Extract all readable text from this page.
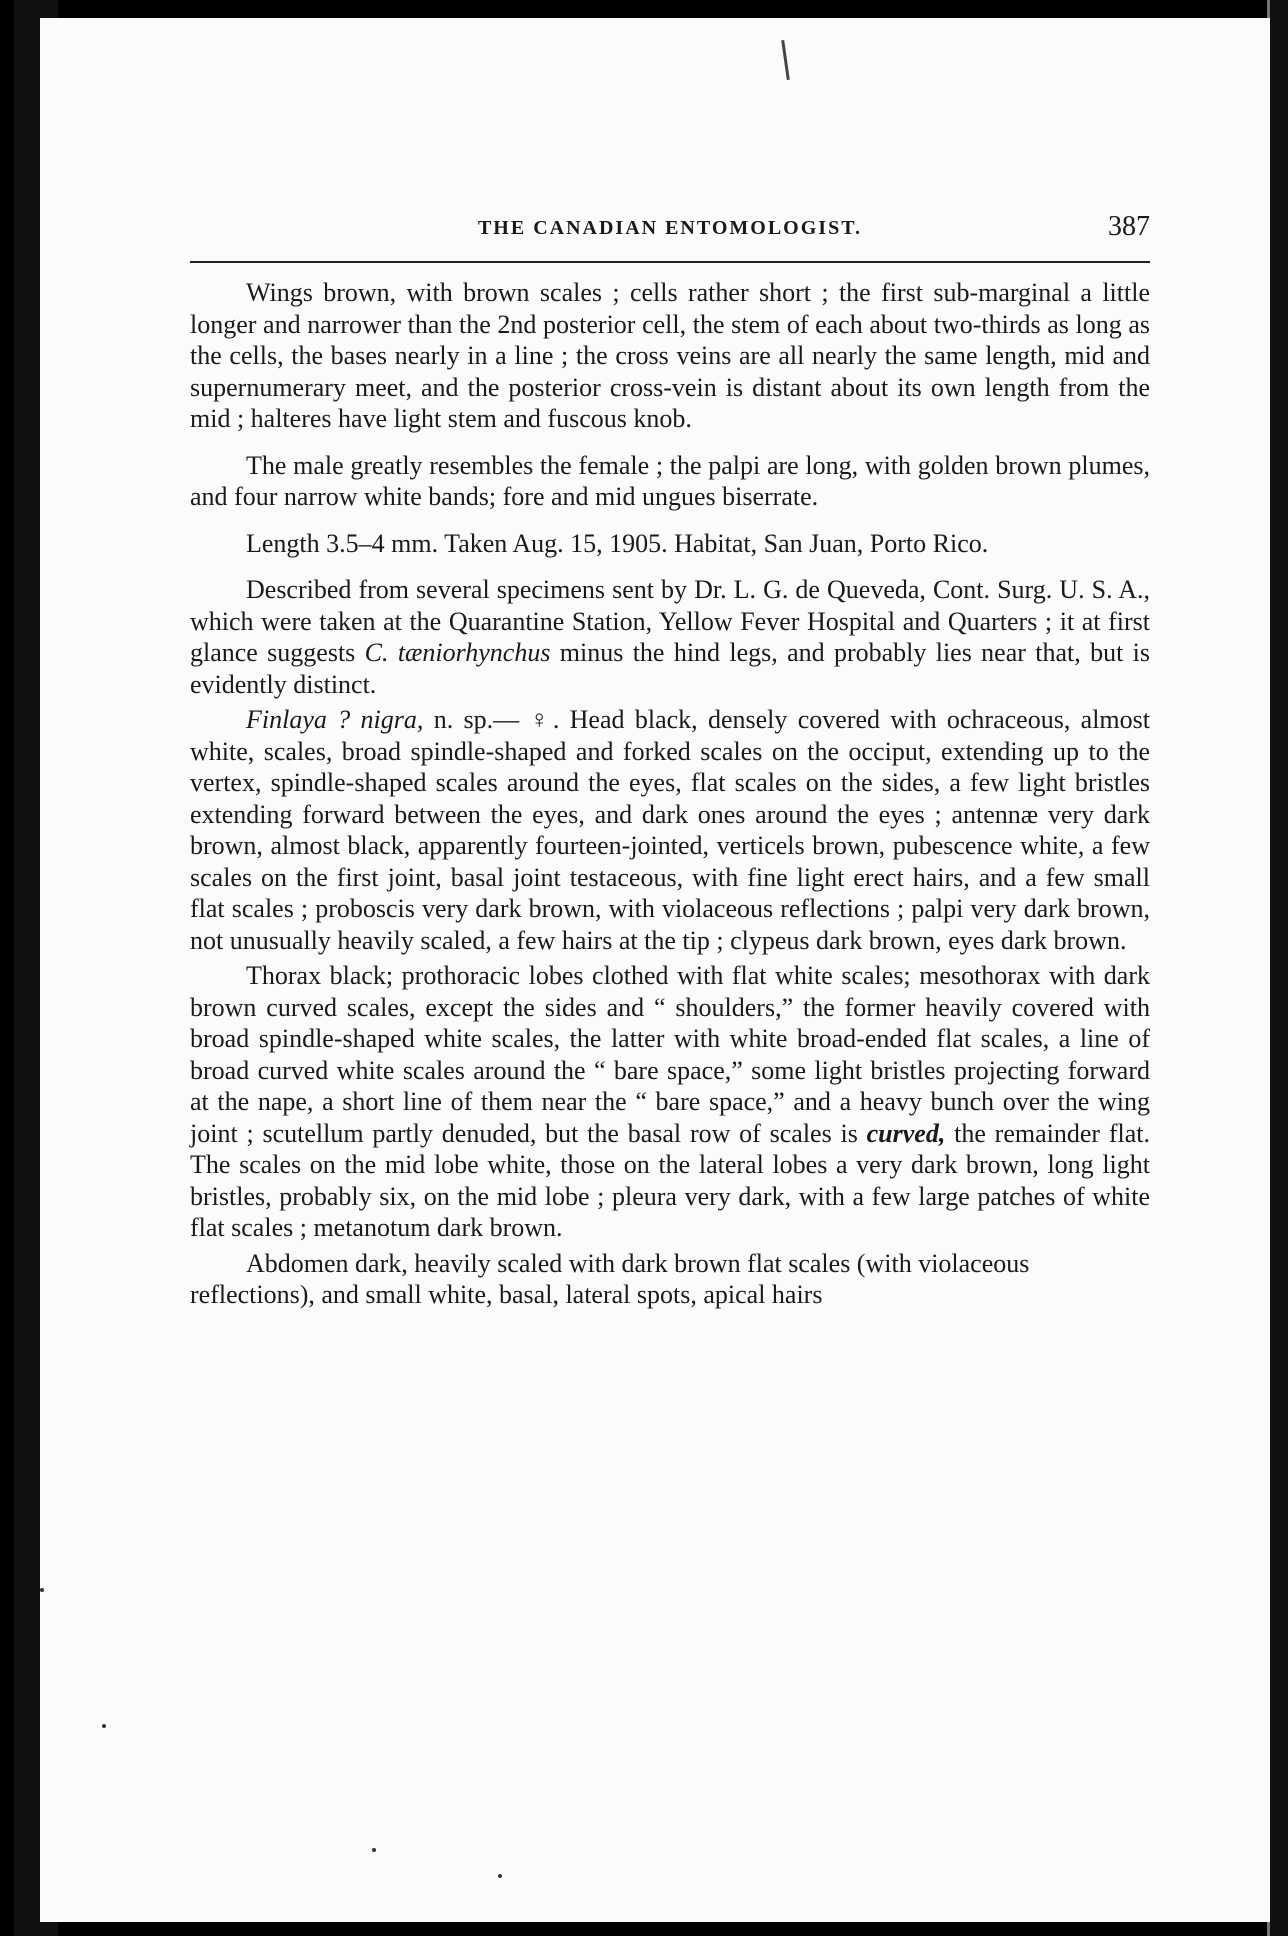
THE CANADIAN ENTOMOLOGIST.	387

Wings brown, with brown scales ; cells rather short ; the first sub-marginal a little longer and narrower than the 2nd posterior cell, the stem of each about two-thirds as long as the cells, the bases nearly in a line ; the cross veins are all nearly the same length, mid and supernumerary meet, and the posterior cross-vein is distant about its own length from the mid ; halteres have light stem and fuscous knob.

The male greatly resembles the female ; the palpi are long, with golden brown plumes, and four narrow white bands; fore and mid ungues biserrate.

Length 3.5–4 mm. Taken Aug. 15, 1905. Habitat, San Juan, Porto Rico.

Described from several specimens sent by Dr. L. G. de Queveda, Cont. Surg. U. S. A., which were taken at the Quarantine Station, Yellow Fever Hospital and Quarters ; it at first glance suggests C. tæniorhynchus minus the hind legs, and probably lies near that, but is evidently distinct.

Finlaya ? nigra, n. sp.— ♀. Head black, densely covered with ochraceous, almost white, scales, broad spindle-shaped and forked scales on the occiput, extending up to the vertex, spindle-shaped scales around the eyes, flat scales on the sides, a few light bristles extending forward between the eyes, and dark ones around the eyes ; antennæ very dark brown, almost black, apparently fourteen-jointed, verticels brown, pubescence white, a few scales on the first joint, basal joint testaceous, with fine light erect hairs, and a few small flat scales ; proboscis very dark brown, with violaceous reflections ; palpi very dark brown, not unusually heavily scaled, a few hairs at the tip ; clypeus dark brown, eyes dark brown.

Thorax black; prothoracic lobes clothed with flat white scales; mesothorax with dark brown curved scales, except the sides and “ shoulders,” the former heavily covered with broad spindle-shaped white scales, the latter with white broad-ended flat scales, a line of broad curved white scales around the “ bare space,” some light bristles projecting forward at the nape, a short line of them near the “ bare space,” and a heavy bunch over the wing joint ; scutellum partly denuded, but the basal row of scales is curved, the remainder flat. The scales on the mid lobe white, those on the lateral lobes a very dark brown, long light bristles, probably six, on the mid lobe ; pleura very dark, with a few large patches of white flat scales ; metanotum dark brown.

Abdomen dark, heavily scaled with dark brown flat scales (with violaceous reflections), and small white, basal, lateral spots, apical hairs
